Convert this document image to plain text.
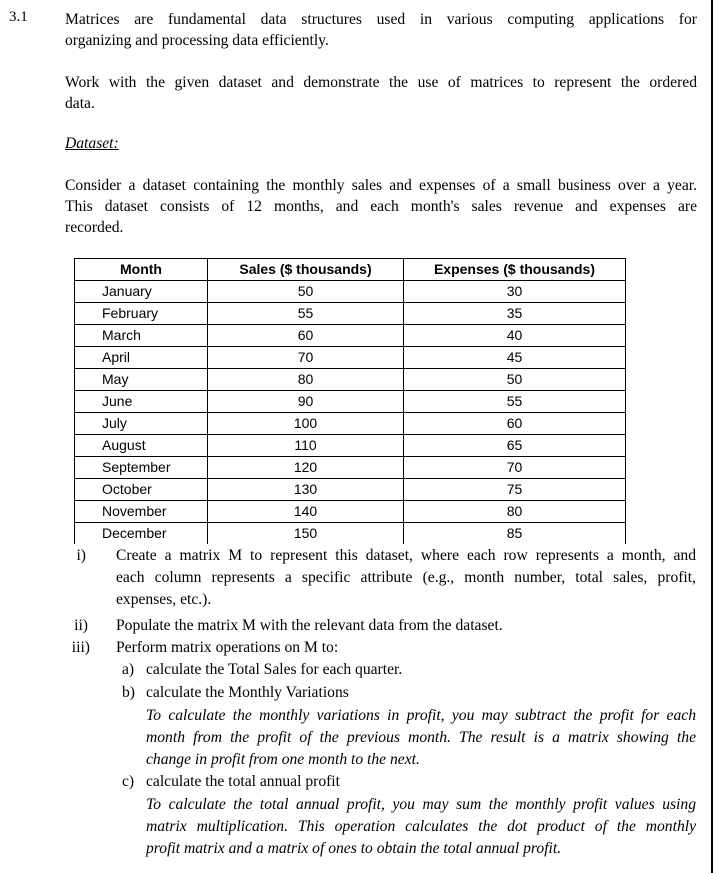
3.1 Matrices are fundamental data structures used in various computing applications for
organizing and processing data efficiently.
Work with the given dataset and demonstrate the use of matrices to represent the ordered
data.
Dataset:
Consider a dataset containing the monthly sales and expenses of a small business over a year.
This dataset consists of 12 months, and each month's sales revenue and expenses are
recorded.
Month	Sales ($ thousands)	Expenses ($ thousands)
January	50	30
February	55	35
March	60	40
April	70	45
May	80	50
June	90	55
July	100	60
August	110	65
September	120	70
October	130	75
November	140	80
December	150	85
i) Create a matrix M to represent this dataset, where each row represents a month, and
each column represents a specific attribute (e.g., month number, total sales, profit,
expenses, etc.).
ii) Populate the matrix M with the relevant data from the dataset.
iii) Perform matrix operations on M to:
a) calculate the Total Sales for each quarter.
b) calculate the Monthly Variations
To calculate the monthly variations in profit, you may subtract the profit for each
month from the profit of the previous month. The result is a matrix showing the
change in profit from one month to the next.
c) calculate the total annual profit
To calculate the total annual profit, you may sum the monthly profit values using
matrix multiplication. This operation calculates the dot product of the monthly
profit matrix and a matrix of ones to obtain the total annual profit.
